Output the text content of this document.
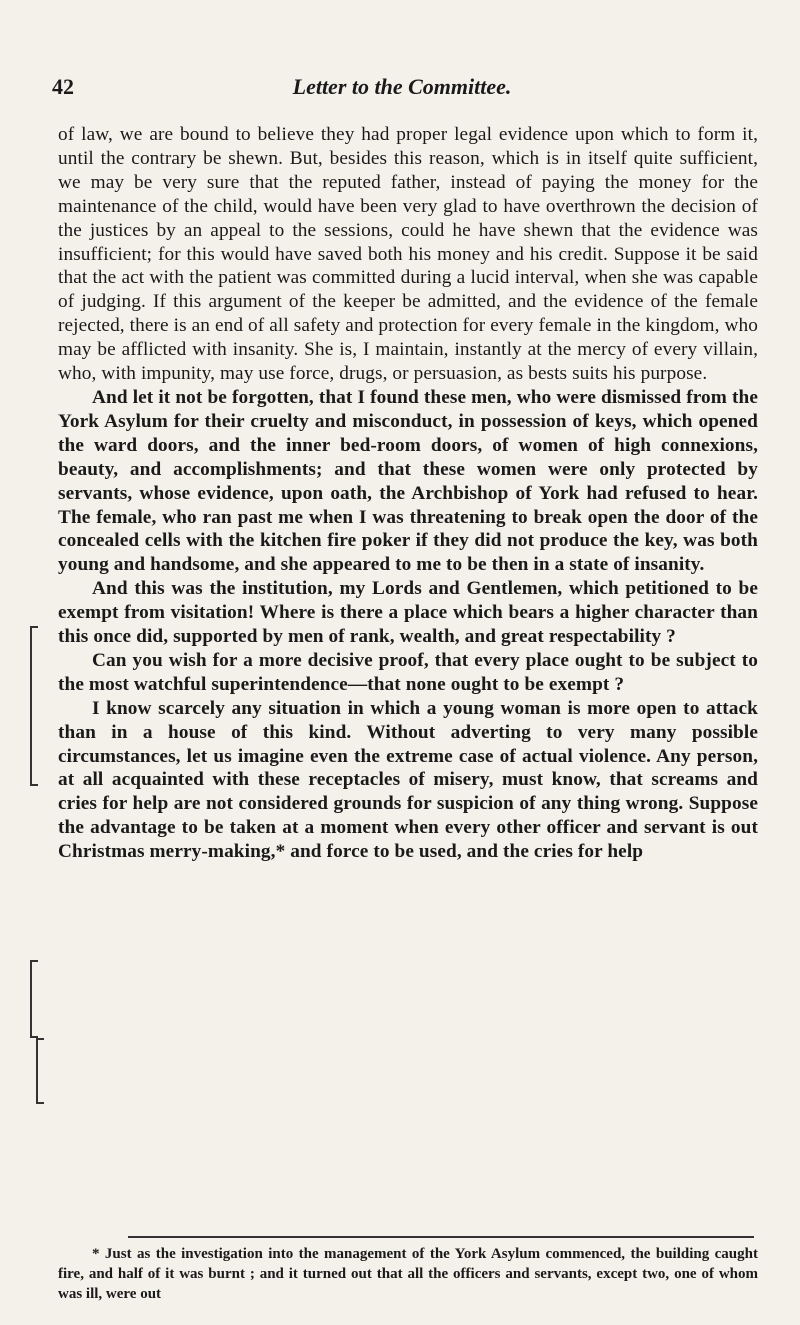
42	Letter to the Committee.

of law, we are bound to believe they had proper legal evidence upon which to form it, until the contrary be shewn. But, besides this reason, which is in itself quite sufficient, we may be very sure that the reputed father, instead of paying the money for the maintenance of the child, would have been very glad to have overthrown the decision of the justices by an appeal to the sessions, could he have shewn that the evidence was insufficient; for this would have saved both his money and his credit. Suppose it be said that the act with the patient was committed during a lucid interval, when she was capable of judging. If this argument of the keeper be admitted, and the evidence of the female rejected, there is an end of all safety and protection for every female in the kingdom, who may be afflicted with insanity. She is, I maintain, instantly at the mercy of every villain, who, with impunity, may use force, drugs, or persuasion, as bests suits his purpose.

And let it not be forgotten, that I found these men, who were dismissed from the York Asylum for their cruelty and misconduct, in possession of keys, which opened the ward doors, and the inner bed-room doors, of women of high connexions, beauty, and accomplishments; and that these women were only protected by servants, whose evidence, upon oath, the Archbishop of York had refused to hear. The female, who ran past me when I was threatening to break open the door of the concealed cells with the kitchen fire poker if they did not produce the key, was both young and handsome, and she appeared to me to be then in a state of insanity.

And this was the institution, my Lords and Gentlemen, which petitioned to be exempt from visitation! Where is there a place which bears a higher character than this once did, supported by men of rank, wealth, and great respectability ?

Can you wish for a more decisive proof, that every place ought to be subject to the most watchful superintendence—that none ought to be exempt ?

I know scarcely any situation in which a young woman is more open to attack than in a house of this kind. Without adverting to very many possible circumstances, let us imagine even the extreme case of actual violence. Any person, at all acquainted with these receptacles of misery, must know, that screams and cries for help are not considered grounds for suspicion of any thing wrong. Suppose the advantage to be taken at a moment when every other officer and servant is out Christmas merry-making,* and force to be used, and the cries for help

* Just as the investigation into the management of the York Asylum commenced, the building caught fire, and half of it was burnt ; and it turned out that all the officers and servants, except two, one of whom was ill, were out
